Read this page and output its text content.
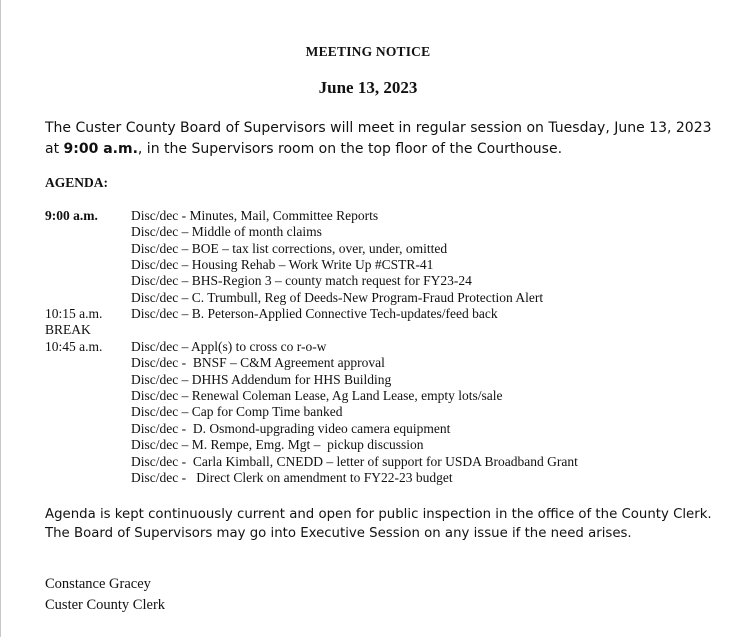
MEETING NOTICE
June 13, 2023
The Custer County Board of Supervisors will meet in regular session on Tuesday, June 13, 2023 at 9:00 a.m., in the Supervisors room on the top floor of the Courthouse.
AGENDA:
9:00 a.m.
10:15 a.m.
BREAK
10:45 a.m.
Disc/dec - Minutes, Mail, Committee Reports
Disc/dec – Middle of month claims
Disc/dec – BOE – tax list corrections, over, under, omitted
Disc/dec – Housing Rehab – Work Write Up #CSTR-41
Disc/dec – BHS-Region 3 – county match request for FY23-24
Disc/dec – C. Trumbull, Reg of Deeds-New Program-Fraud Protection Alert
Disc/dec – B. Peterson-Applied Connective Tech-updates/feed back
Disc/dec – Appl(s) to cross co r-o-w
Disc/dec -  BNSF – C&M Agreement approval
Disc/dec – DHHS Addendum for HHS Building
Disc/dec – Renewal Coleman Lease, Ag Land Lease, empty lots/sale
Disc/dec – Cap for Comp Time banked
Disc/dec -  D. Osmond-upgrading video camera equipment
Disc/dec – M. Rempe, Emg. Mgt –  pickup discussion
Disc/dec -  Carla Kimball, CNEDD – letter of support for USDA Broadband Grant
Disc/dec -   Direct Clerk on amendment to FY22-23 budget
Agenda is kept continuously current and open for public inspection in the office of the County Clerk.
The Board of Supervisors may go into Executive Session on any issue if the need arises.
Constance Gracey
Custer County Clerk
